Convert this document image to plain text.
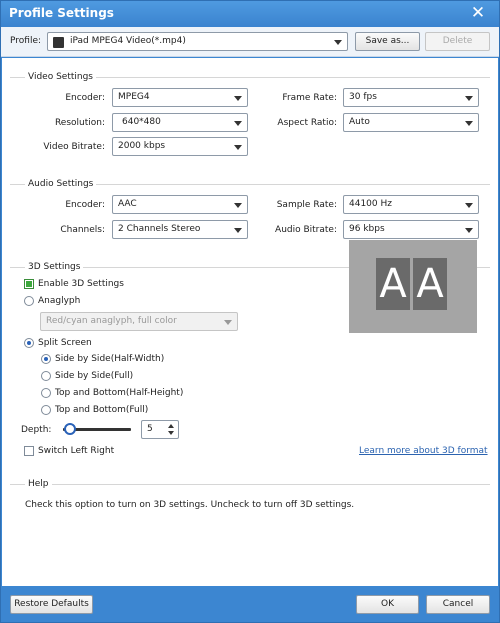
Profile Settings	✕
Profile:	iPad MPEG4 Video(*.mp4)	Save as...	Delete
Video Settings
Encoder:	MPEG4	Frame Rate:	30 fps
Resolution:	640*480	Aspect Ratio:	Auto
Video Bitrate:	2000 kbps
Audio Settings
Encoder:	AAC	Sample Rate:	44100 Hz
Channels:	2 Channels Stereo	Audio Bitrate:	96 kbps
3D Settings
Enable 3D Settings
Anaglyph
Red/cyan anaglyph, full color
Split Screen
Side by Side(Half-Width)
Side by Side(Full)
Top and Bottom(Half-Height)
Top and Bottom(Full)
Depth:	5
Switch Left Right	Learn more about 3D format
A A
Help
Check this option to turn on 3D settings. Uncheck to turn off 3D settings.
Restore Defaults	OK	Cancel
